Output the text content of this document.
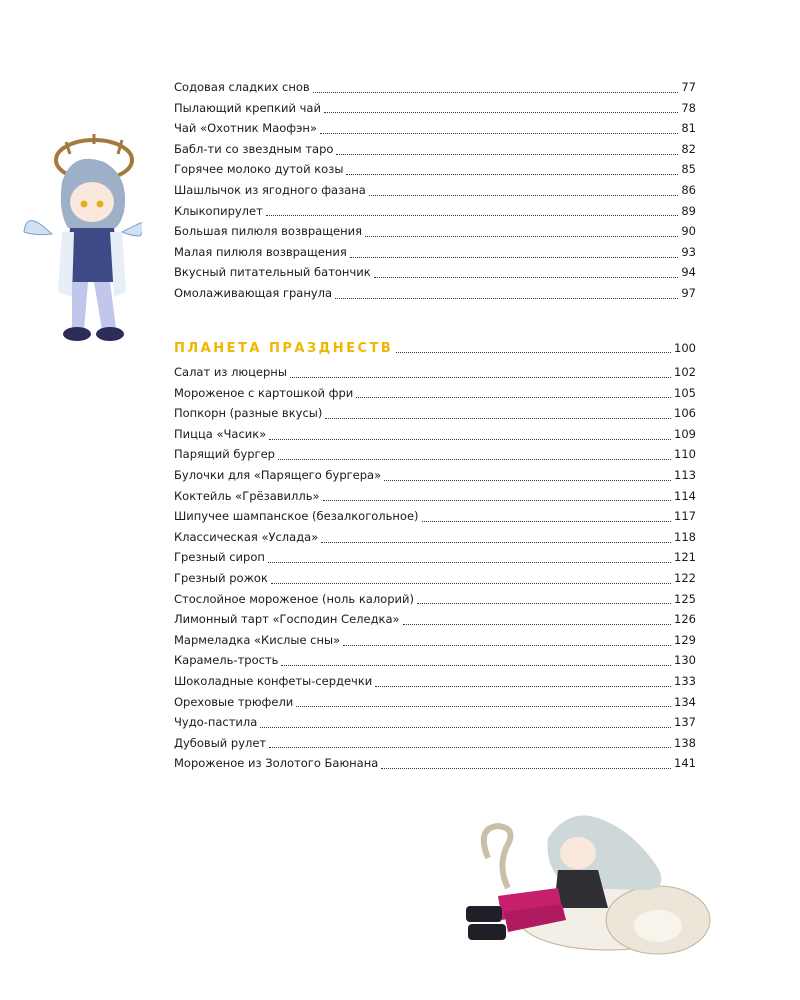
Содовая сладких снов	77
Пылающий крепкий чай	78
Чай «Охотник Маофэн»	81
Бабл-ти со звездным таро	82
Горячее молоко дутой козы	85
Шашлычок из ягодного фазана	86
Клыкопирулет	89
Большая пилюля возвращения	90
Малая пилюля возвращения	93
Вкусный питательный батончик	94
Омолаживающая гранула	97
ПЛАНЕТА ПРАЗДНЕСТВ	100
Салат из люцерны	102
Мороженое с картошкой фри	105
Попкорн (разные вкусы)	106
Пицца «Часик»	109
Парящий бургер	110
Булочки для «Парящего бургера»	113
Коктейль «Грёзавилль»	114
Шипучее шампанское (безалкогольное)	117
Классическая «Услада»	118
Грезный сироп	121
Грезный рожок	122
Стослойное мороженое (ноль калорий)	125
Лимонный тарт «Господин Селедка»	126
Мармеладка «Кислые сны»	129
Карамель-трость	130
Шоколадные конфеты-сердечки	133
Ореховые трюфели	134
Чудо-пастила	137
Дубовый рулет	138
Мороженое из Золотого Баюнана	141
